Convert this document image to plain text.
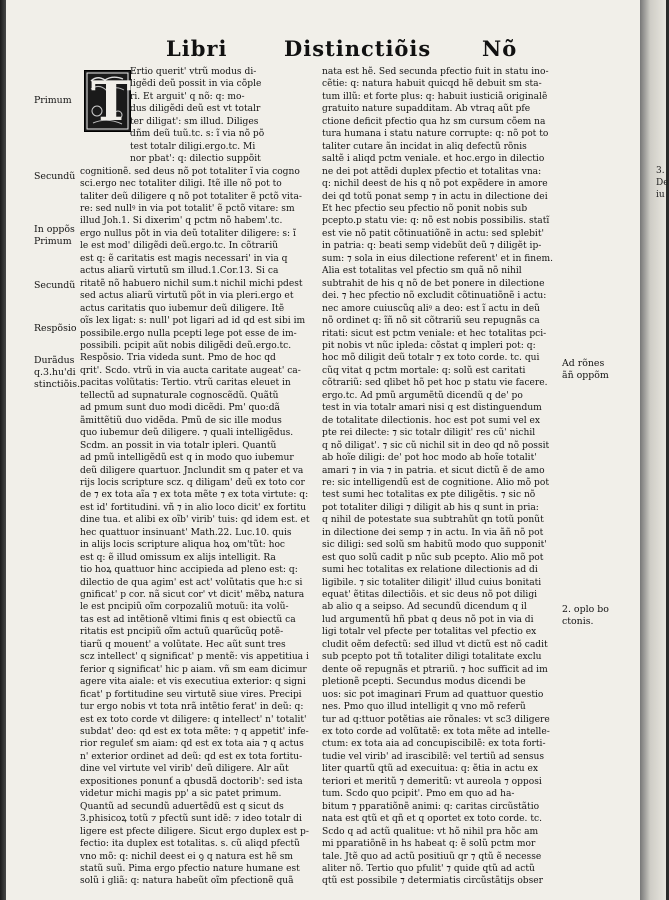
3.
De
iu
Libri	Distinctiõis Nõ
T
Primum
Secundũ
In oppõs
Primum
Secundũ
Respõsio
Durãdus
q.3.hu'di
stinctiõis.
Ad rõnes
ãñ oppõm
2. oplo bo
ctonis.
Ertio querit' vtrũ modus di-
ligẽdi deũ possit in via cõple
ri. Et arguit' q nõ: q: mo-
dus diligẽdi deũ est vt totalr
ter diligat': sm illud. Diliges
dñm deũ tuũ.tc. s: ĩ via nõ põ
test totalr diligi.ergo.tc. Mi
nor pbat': q: dilectio suppõit
cognitionẽ. sed deus nõ pot totaliter ĩ via cogno
sci.ergo nec totaliter diligi. Itẽ ille nõ pot to
taliter deũ diligere q nõ pot totaliter ẽ pctõ vita-
re: sed nullꝰ in via pot totalit' ẽ pctõ vitare: sm
illud Joh.1. Si dixerim' q pctm nõ habem'.tc.
ergo nullus põt in via deũ totaliter diligere: s: ĩ
le est mod' diligẽdi deũ.ergo.tc. In cõtrariũ
est q: ẽ caritatis est magis necessari' in via q
actus aliarũ virtutũ sm illud.1.Cor.13. Si ca
ritatẽ nõ habuero nichil sum.t nichil michi pdest
sed actus aliarũ virtutũ põt in via pleri.ergo et
actus caritatis quo iubemur deũ diligere. Itẽ
oĩs lex ligat: s: null' pot ligari ad id qd est sibi im
possibile.ergo nulla pcepti lege pot esse de im-
possibili. pcipit aũt nobis diligẽdi deũ.ergo.tc.
Respõsio. Tria videda sunt. Pmo de hoc qd
qrit'. Scdo. vtrũ in via aucta caritate augeat' ca-
pacitas volũtatis: Tertio. vtrũ caritas eleuet in
tellectũ ad supnaturale cognoscẽdũ. Quãtũ
ad pmum sunt duo modi dicẽdi. Pm' quo:dã
ãmittẽtiũ duo vidẽda. Pmũ de sic ille modus
quo iubemur deũ diligere. ⁊ quali intelligẽdus.
Scdm. an possit in via totalr ipleri. Quantũ
ad pmũ intelligẽdũ est q in modo quo iubemur
deũ diligere quartuor. Jnclundit sm q pater et va
rijs locis scripture scz. q diligam' deũ ex toto cor
de ⁊ ex tota aĩa ⁊ ex tota mẽte ⁊ ex tota virtute: q:
est id' fortitudini. vñ ⁊ in alio loco dicit' ex fortitu
dine tua. et alibi ex oĩb' virib' tuis: qd idem est. et
hec quattuor insinuant' Math.22. Luc.10. quis
in alijs locis scripture aliqua hoꝝ om'tũt: hoc
est q: ẽ illud omissum ex alijs intelligit. Ra
tio hoꝝ quattuor hinc accipieda ad pleno est: q:
dilectio de qua agim' est act' volũtatis que h:c si
gnificat' p cor. nã sicut cor' vt dicit' mẽbꝝ natura
le est pncipiũ oĩm corpozaliũ motuũ: ita volũ-
tas est ad intẽtionẽ vltimi finis q est obiectũ ca
ritatis est pncipiũ oĩm actuũ quarũcũq potẽ-
tiarũ q mouent' a volũtate. Hec aũt sunt tres
scz intellect' q significat' p mentẽ: vis appetitiua i
ferior q significat' hic p aiam. vñ sm eam dicimur
agere vita aiale: et vis executiua exterior: q signi
ficat' p fortitudine seu virtutẽ siue vires. Precipi
tur ergo nobis vt tota nrã intẽtio ferat' in deũ: q:
est ex toto corde vt diligere: q intellect' n' totalit'
subdat' deo: qd est ex tota mẽte: ⁊ q appetit' infe-
rior reguleť sm aiam: qd est ex tota aia ⁊ q actus
n' exterior ordinet ad deũ: qd est ex tota fortitu-
dine vel virtute vel virib' deũ diligere. Alr aũt
expositiones ponunť a qbusdã doctorib': sed ista
videtur michi magis pp' a sic patet primum.
Quantũ ad secundũ aduertẽdũ est q sicut ds
3.phisicoꝝ totũ ⁊ pfectũ sunt idẽ: ⁊ ideo totalr di
ligere est pfecte diligere. Sicut ergo duplex est p-
fectio: ita duplex est totalitas. s. cũ aliqd pfectũ
vno mõ: q: nichil deest ei ꝯ q natura est hẽ sm
statũ suũ. Pima ergo pfectio nature humane est
solũ i gliã: q: natura habeũt oĩm pfectionẽ quã
nata est hẽ. Sed secunda pfectio fuit in statu ino-
cẽtie: q: natura habuit quicqd hẽ debuit sm sta-
tum illũ: et forte plus: q: habuit iusticiã originalẽ
gratuito nature supadditam. Ab vtraq aũt pfe
ctione deficit pfectio qua hz sm cursum cõem na
tura humana i statu nature corrupte: q: nõ pot to
taliter cutare ãn incidat in aliq defectũ rõnis
saltẽ i aliqd pctm veniale. et hoc.ergo in dilectio
ne dei pot attẽdi duplex pfectio et totalitas vna:
q: nichil deest de his q nõ pot expẽdere in amore
dei qd totũ ponat semp ⁊ in actu in dilectione dei
Et hec pfectio seu pfectio nõ ponit nobis sub
pcepto.p statu vie: q: nõ est nobis possibilis. statĩ
est vie nõ patit cõtinuatiõnẽ in actu: sed splebit'
in patria: q: beati semp videbũt deũ ⁊ diligẽt ip-
sum: ⁊ sola in eius dilectione referent' et in finem.
Alia est totalitas vel pfectio sm quã nõ nihil
subtrahit de his q nõ de bet ponere in dilectione
dei. ⁊ hec pfectio nõ excludit cõtinuatiõnẽ i actu:
nec amore cuiuscũq aliꝰ a deo: est ĩ actu in deũ
nõ ordinet q: ĩñ nõ sit cõtrariũ seu repugnãs ca
ritati: sicut est pctm veniale: et hec totalitas pci-
pit nobis vt nũc ipleda: cõstat q impleri pot: q:
hoc mõ diligit deũ totalr ⁊ ex toto corde. tc. qui
cũq vitat q pctm mortale: q: solũ est caritati
cõtrariũ: sed qlibet hõ pet hoc p statu vie facere.
ergo.tc. Ad pmũ argumẽtũ dicendũ q de' po
test in via totalr amari nisi q est distinguendum
de totalitate dilectionis. hoc est pot sumi vel ex
pte rei dilecte: ⁊ sic totalr diligit' res cũ' nichil
q nõ diligat'. ⁊ sic cũ nichil sit in deo qd nõ possit
ab hoĩe diligi: de' pot hoc modo ab hoĩe totalit'
amari ⁊ in via ⁊ in patria. et sicut dictũ ẽ de amo
re: sic intelligendũ est de cognitione. Alio mõ pot
test sumi hec totalitas ex pte diligẽtis. ⁊ sic nõ
pot totaliter diligi ⁊ diligit ab his q sunt in pria:
q nihil de potestate sua subtrahũt qn totũ ponũt
in dilectione dei semp ⁊ in actu. In via ãñ nõ pot
sic diligi: sed solũ sm habitũ modo quo supponit'
est quo solũ cadit p nũc sub pcepto. Alio mõ pot
sumi hec totalitas ex relatione dilectionis ad di
ligibile. ⁊ sic totaliter diligit' illud cuius bonitati
equat' ẽtitas dilectiõis. et sic deus nõ pot diligi
ab alio q a seipso. Ad secundũ dicendum q il
lud argumentũ hñ pbat q deus nõ pot in via di
ligi totalr vel pfecte per totalitas vel pfectio ex
cludit oẽm defectũ: sed illud vt dictũ est nõ cadit
sub pcepto pot tñ totaliter diligi totalitate exclu
dente oẽ repugnãs et ptrariũ. ⁊ hoc sufficit ad im
pletionẽ pcepti. Secundus modus dicendi be
uos: sic pot imaginari Frum ad quattuor questio
nes. Pmo quo illud intelligit q vno mõ referũ
tur ad q:ttuor potẽtias aie rõnales: vt sc3 diligere
ex toto corde ad volũtatẽ: ex tota mẽte ad intelle-
ctum: ex tota aia ad concupiscibilẽ: ex tota forti-
tudie vel virib' ad irascibilẽ: vel tertiũ ad sensus
liter quartũ qtũ ad execuitua: q: ẽtia in actu ex
teriori et meritũ ⁊ demeritũ: vt aureola ⁊ opposi
tum. Scdo quo pcipit'. Pmo em quo ad ha-
bitum ⁊ pparatiõnẽ animi: q: caritas circũstãtio
nata est qtũ et qñ et q oportet ex toto corde. tc.
Scdo q ad actũ qualitue: vt hõ nihil pra hõc am
mi pparatiõnẽ in hs habeat q: ẽ solũ pctm mor
tale. Jtẽ quo ad actũ positiuũ qr ⁊ qtũ ẽ necesse
aliter nõ. Tertio quo pfulit' ⁊ quide qtũ ad actũ
qtũ est possibile ⁊ determiatis circũstãtijs obser
